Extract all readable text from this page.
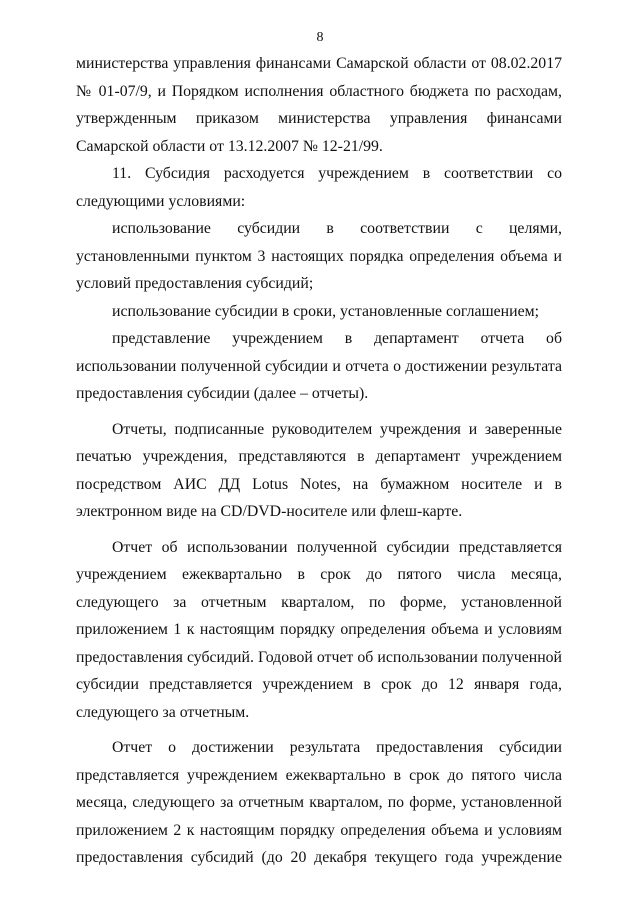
8

министерства управления финансами Самарской области от 08.02.2017 № 01-07/9, и Порядком исполнения областного бюджета по расходам, утвержденным приказом министерства управления финансами Самарской области от 13.12.2007 № 12-21/99.

11. Субсидия расходуется учреждением в соответствии со следующими условиями:

использование субсидии в соответствии с целями, установленными пунктом 3 настоящих порядка определения объема и условий предоставления субсидий;

использование субсидии в сроки, установленные соглашением;

представление учреждением в департамент отчета об использовании полученной субсидии и отчета о достижении результата предоставления субсидии (далее – отчеты).

Отчеты, подписанные руководителем учреждения и заверенные печатью учреждения, представляются в департамент учреждением посредством АИС ДД Lotus Notes, на бумажном носителе и в электронном виде на CD/DVD-носителе или флеш-карте.

Отчет об использовании полученной субсидии представляется учреждением ежеквартально в срок до пятого числа месяца, следующего за отчетным кварталом, по форме, установленной приложением 1 к настоящим порядку определения объема и условиям предоставления субсидий. Годовой отчет об использовании полученной субсидии представляется учреждением в срок до 12 января года, следующего за отчетным.

Отчет о достижении результата предоставления субсидии представляется учреждением ежеквартально в срок до пятого числа месяца, следующего за отчетным кварталом, по форме, установленной приложением 2 к настоящим порядку определения объема и условиям предоставления субсидий (до 20 декабря текущего года учреждение
